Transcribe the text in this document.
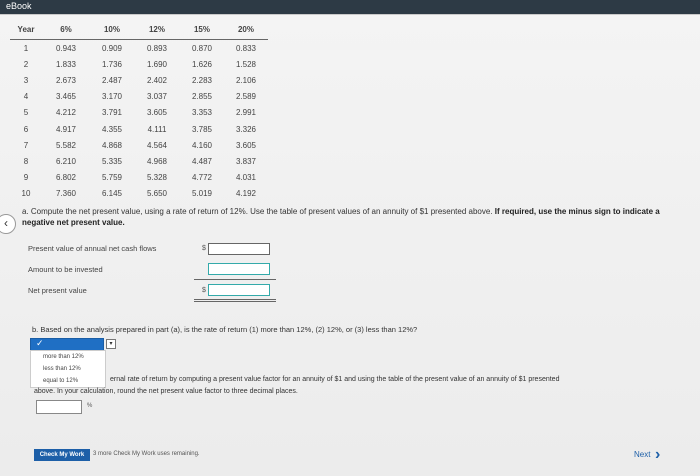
eBook
Year	6%	10%	12%	15%	20%
1	0.943	0.909	0.893	0.870	0.833
2	1.833	1.736	1.690	1.626	1.528
3	2.673	2.487	2.402	2.283	2.106
4	3.465	3.170	3.037	2.855	2.589
5	4.212	3.791	3.605	3.353	2.991
6	4.917	4.355	4.111	3.785	3.326
7	5.582	4.868	4.564	4.160	3.605
8	6.210	5.335	4.968	4.487	3.837
9	6.802	5.759	5.328	4.772	4.031
10	7.360	6.145	5.650	5.019	4.192
‹
a. Compute the net present value, using a rate of return of 12%. Use the table of present values of an annuity of $1 presented above. If required, use the minus sign to indicate a negative net present value.
Present value of annual net cash flows
Amount to be invested
Net present value
$
$
b. Based on the analysis prepared in part (a), is the rate of return (1) more than 12%, (2) 12%, or (3) less than 12%?
✓	▾
more than 12%
less than 12%
equal to 12%	ernal rate of return by computing a present value factor for an annuity of $1 and using the table of the present value of an annuity of $1 presented
above. In your calculation, round the net present value factor to three decimal places.
%
Check My Work	3 more Check My Work uses remaining.	Next ›
